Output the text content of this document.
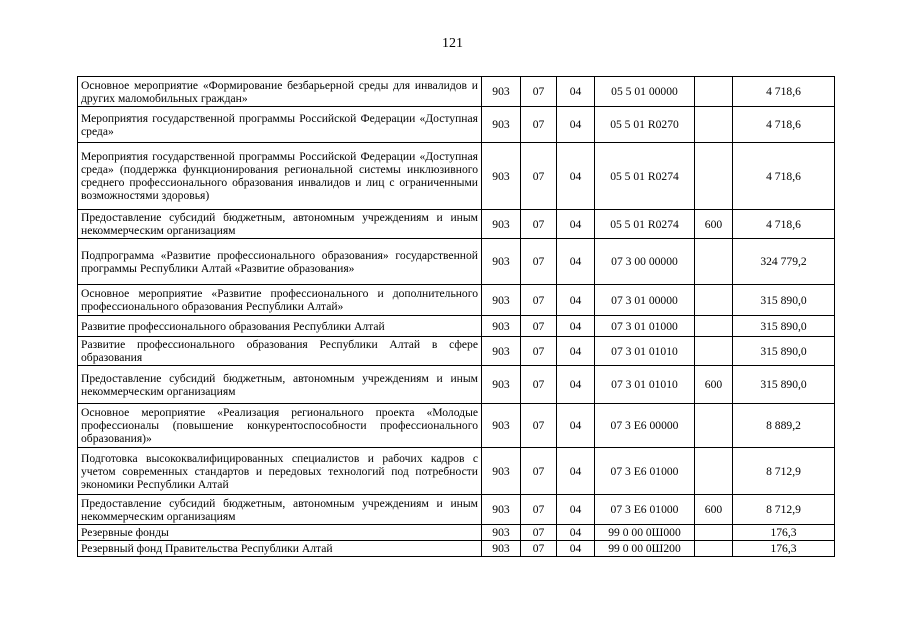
121
Основное мероприятие «Формирование безбарьерной среды для инвалидов и других маломобильных граждан»	903	07	04	05 5 01 00000		4 718,6
Мероприятия государственной программы Российской Федерации «Доступная среда»	903	07	04	05 5 01 R0270		4 718,6
Мероприятия государственной программы Российской Федерации «Доступная среда» (поддержка функционирования региональной системы инклюзивного среднего профессионального образования инвалидов и лиц с ограниченными возможностями здоровья)	903	07	04	05 5 01 R0274		4 718,6
Предоставление субсидий бюджетным, автономным учреждениям и иным некоммерческим организациям	903	07	04	05 5 01 R0274	600	4 718,6
Подпрограмма «Развитие профессионального образования» государственной программы Республики Алтай «Развитие образования»	903	07	04	07 3 00 00000		324 779,2
Основное мероприятие «Развитие профессионального и дополнительного профессионального образования Республики Алтай»	903	07	04	07 3 01 00000		315 890,0
Развитие профессионального образования Республики Алтай	903	07	04	07 3 01 01000		315 890,0
Развитие профессионального образования Республики Алтай в сфере образования	903	07	04	07 3 01 01010		315 890,0
Предоставление субсидий бюджетным, автономным учреждениям и иным некоммерческим организациям	903	07	04	07 3 01 01010	600	315 890,0
Основное мероприятие «Реализация регионального проекта «Молодые профессионалы (повышение конкурентоспособности профессионального образования)»	903	07	04	07 3 Е6 00000		8 889,2
Подготовка высококвалифицированных специалистов и рабочих кадров с учетом современных стандартов и передовых технологий под потребности экономики Республики Алтай	903	07	04	07 3 Е6 01000		8 712,9
Предоставление субсидий бюджетным, автономным учреждениям и иным некоммерческим организациям	903	07	04	07 3 Е6 01000	600	8 712,9
Резервные фонды	903	07	04	99 0 00 0Ш000		176,3
Резервный фонд Правительства Республики Алтай	903	07	04	99 0 00 0Ш200		176,3
